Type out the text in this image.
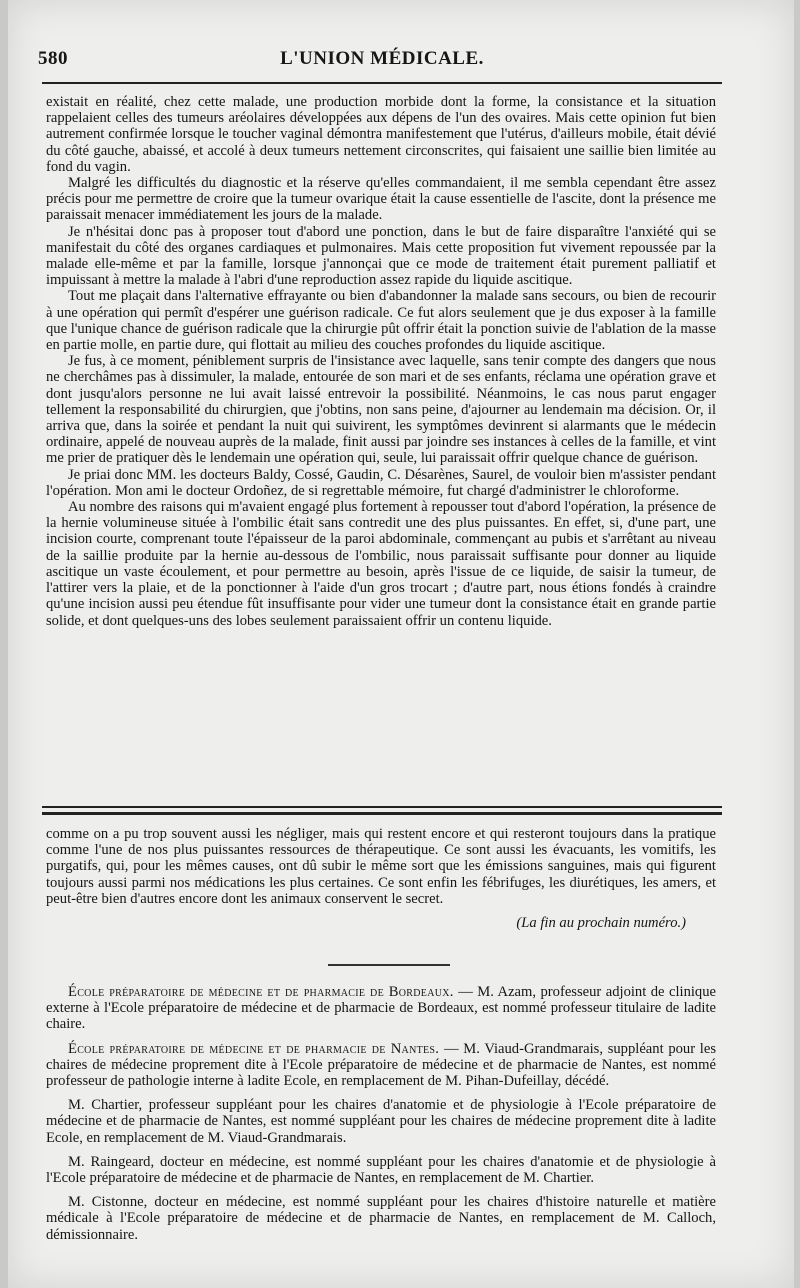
580	L'UNION MÉDICALE.

existait en réalité, chez cette malade, une production morbide dont la forme, la consistance et la situation rappelaient celles des tumeurs aréolaires développées aux dépens de l'un des ovaires. Mais cette opinion fut bien autrement confirmée lorsque le toucher vaginal démontra manifestement que l'utérus, d'ailleurs mobile, était dévié du côté gauche, abaissé, et accolé à deux tumeurs nettement circonscrites, qui faisaient une saillie bien limitée au fond du vagin.

Malgré les difficultés du diagnostic et la réserve qu'elles commandaient, il me sembla cependant être assez précis pour me permettre de croire que la tumeur ovarique était la cause essentielle de l'ascite, dont la présence me paraissait menacer immédiatement les jours de la malade.

Je n'hésitai donc pas à proposer tout d'abord une ponction, dans le but de faire disparaître l'anxiété qui se manifestait du côté des organes cardiaques et pulmonaires. Mais cette proposition fut vivement repoussée par la malade elle-même et par la famille, lorsque j'annonçai que ce mode de traitement était purement palliatif et impuissant à mettre la malade à l'abri d'une reproduction assez rapide du liquide ascitique.

Tout me plaçait dans l'alternative effrayante ou bien d'abandonner la malade sans secours, ou bien de recourir à une opération qui permît d'espérer une guérison radicale. Ce fut alors seulement que je dus exposer à la famille que l'unique chance de guérison radicale que la chirurgie pût offrir était la ponction suivie de l'ablation de la masse en partie molle, en partie dure, qui flottait au milieu des couches profondes du liquide ascitique.

Je fus, à ce moment, péniblement surpris de l'insistance avec laquelle, sans tenir compte des dangers que nous ne cherchâmes pas à dissimuler, la malade, entourée de son mari et de ses enfants, réclama une opération grave et dont jusqu'alors personne ne lui avait laissé entrevoir la possibilité. Néanmoins, le cas nous parut engager tellement la responsabilité du chirurgien, que j'obtins, non sans peine, d'ajourner au lendemain ma décision. Or, il arriva que, dans la soirée et pendant la nuit qui suivirent, les symptômes devinrent si alarmants que le médecin ordinaire, appelé de nouveau auprès de la malade, finit aussi par joindre ses instances à celles de la famille, et vint me prier de pratiquer dès le lendemain une opération qui, seule, lui paraissait offrir quelque chance de guérison.

Je priai donc MM. les docteurs Baldy, Cossé, Gaudin, C. Désarènes, Saurel, de vouloir bien m'assister pendant l'opération. Mon ami le docteur Ordoñez, de si regrettable mémoire, fut chargé d'administrer le chloroforme.

Au nombre des raisons qui m'avaient engagé plus fortement à repousser tout d'abord l'opération, la présence de la hernie volumineuse située à l'ombilic était sans contredit une des plus puissantes. En effet, si, d'une part, une incision courte, comprenant toute l'épaisseur de la paroi abdominale, commençant au pubis et s'arrêtant au niveau de la saillie produite par la hernie au-dessous de l'ombilic, nous paraissait suffisante pour donner au liquide ascitique un vaste écoulement, et pour permettre au besoin, après l'issue de ce liquide, de saisir la tumeur, de l'attirer vers la plaie, et de la ponctionner à l'aide d'un gros trocart ; d'autre part, nous étions fondés à craindre qu'une incision aussi peu étendue fût insuffisante pour vider une tumeur dont la consistance était en grande partie solide, et dont quelques-uns des lobes seulement paraissaient offrir un contenu liquide.

comme on a pu trop souvent aussi les négliger, mais qui restent encore et qui resteront toujours dans la pratique comme l'une de nos plus puissantes ressources de thérapeutique. Ce sont aussi les évacuants, les vomitifs, les purgatifs, qui, pour les mêmes causes, ont dû subir le même sort que les émissions sanguines, mais qui figurent toujours aussi parmi nos médications les plus certaines. Ce sont enfin les fébrifuges, les diurétiques, les amers, et peut-être bien d'autres encore dont les animaux conservent le secret.

(La fin au prochain numéro.)

École préparatoire de médecine et de pharmacie de Bordeaux. — M. Azam, professeur adjoint de clinique externe à l'Ecole préparatoire de médecine et de pharmacie de Bordeaux, est nommé professeur titulaire de ladite chaire.

École préparatoire de médecine et de pharmacie de Nantes. — M. Viaud-Grandmarais, suppléant pour les chaires de médecine proprement dite à l'Ecole préparatoire de médecine et de pharmacie de Nantes, est nommé professeur de pathologie interne à ladite Ecole, en remplacement de M. Pihan-Dufeillay, décédé.

M. Chartier, professeur suppléant pour les chaires d'anatomie et de physiologie à l'Ecole préparatoire de médecine et de pharmacie de Nantes, est nommé suppléant pour les chaires de médecine proprement dite à ladite Ecole, en remplacement de M. Viaud-Grandmarais.

M. Raingeard, docteur en médecine, est nommé suppléant pour les chaires d'anatomie et de physiologie à l'Ecole préparatoire de médecine et de pharmacie de Nantes, en remplacement de M. Chartier.

M. Cistonne, docteur en médecine, est nommé suppléant pour les chaires d'histoire naturelle et matière médicale à l'Ecole préparatoire de médecine et de pharmacie de Nantes, en remplacement de M. Calloch, démissionnaire.
